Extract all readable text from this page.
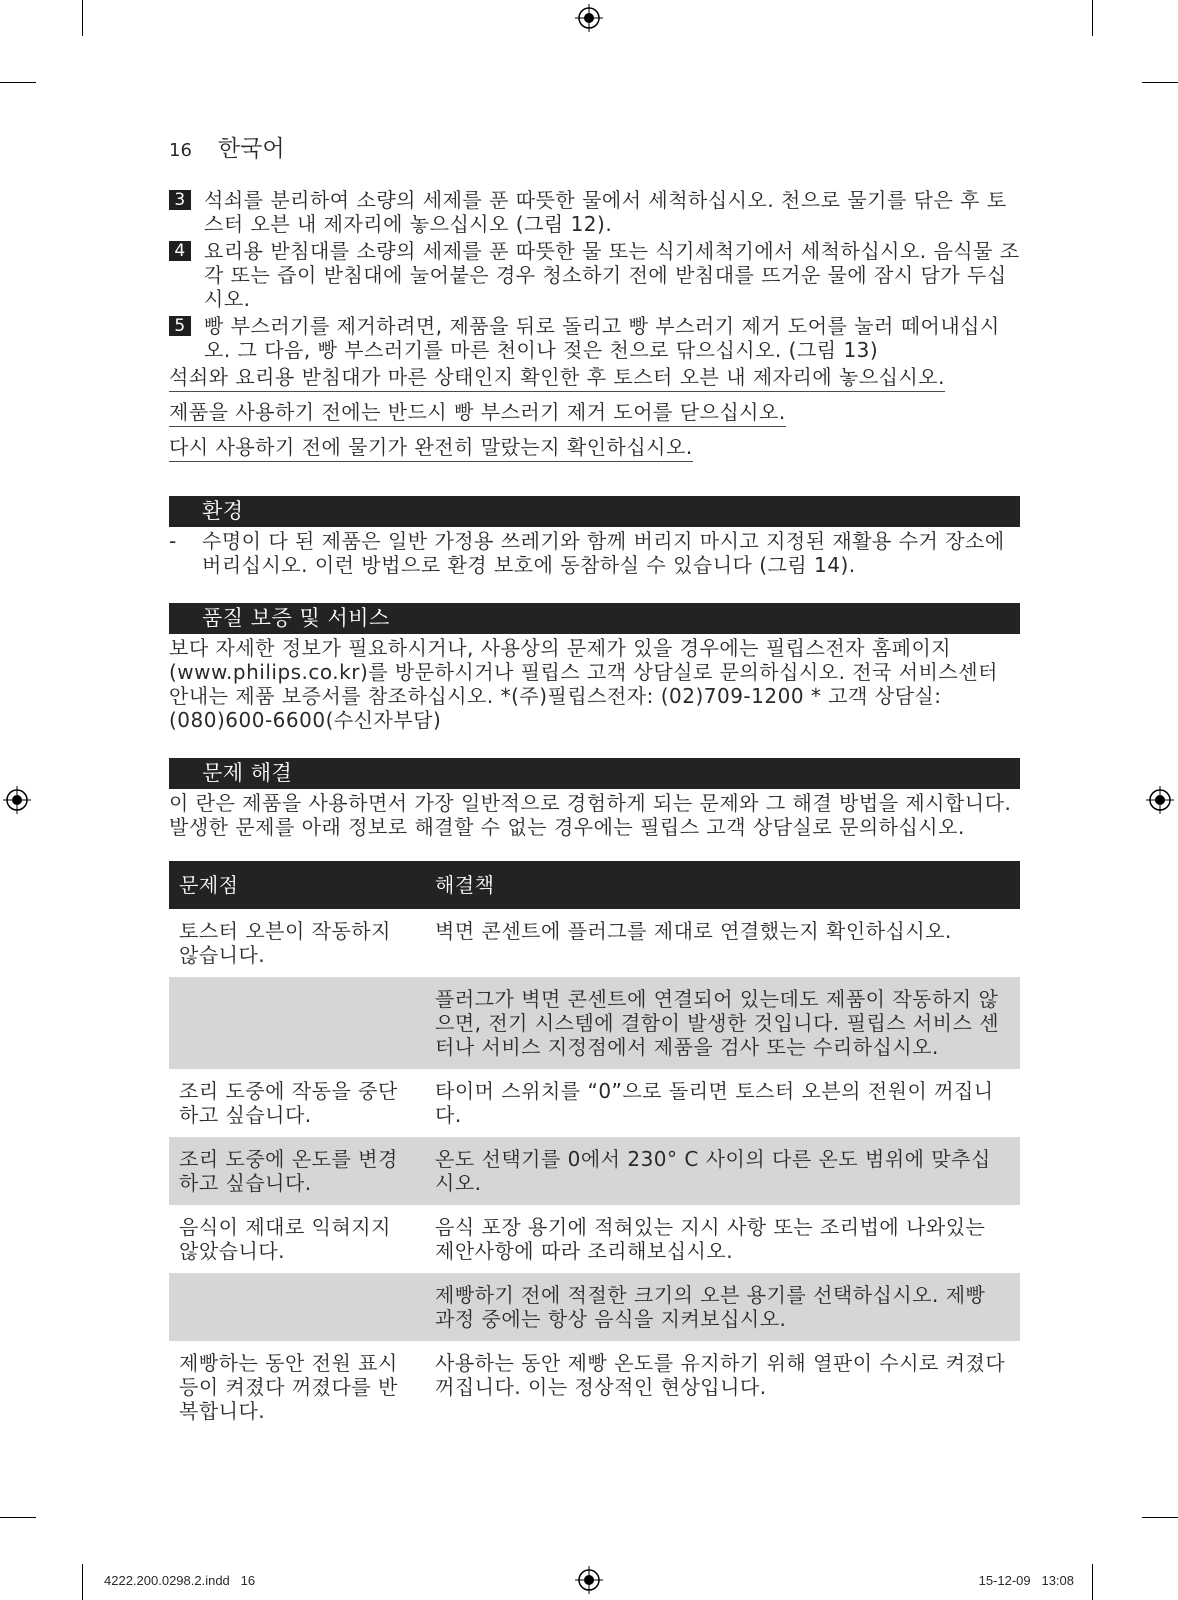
16 한국어
3 석쇠를 분리하여 소량의 세제를 푼 따뜻한 물에서 세척하십시오. 천으로 물기를 닦은 후 토스터 오븐 내 제자리에 놓으십시오 (그림 12).
4 요리용 받침대를 소량의 세제를 푼 따뜻한 물 또는 식기세척기에서 세척하십시오. 음식물 조각 또는 즙이 받침대에 눌어붙은 경우 청소하기 전에 받침대를 뜨거운 물에 잠시 담가 두십시오.
5 빵 부스러기를 제거하려면, 제품을 뒤로 돌리고 빵 부스러기 제거 도어를 눌러 떼어내십시오. 그 다음, 빵 부스러기를 마른 천이나 젖은 천으로 닦으십시오. (그림 13)
석쇠와 요리용 받침대가 마른 상태인지 확인한 후 토스터 오븐 내 제자리에 놓으십시오.
제품을 사용하기 전에는 반드시 빵 부스러기 제거 도어를 닫으십시오.
다시 사용하기 전에 물기가 완전히 말랐는지 확인하십시오.
환경
- 수명이 다 된 제품은 일반 가정용 쓰레기와 함께 버리지 마시고 지정된 재활용 수거 장소에 버리십시오. 이런 방법으로 환경 보호에 동참하실 수 있습니다 (그림 14).
품질 보증 및 서비스
보다 자세한 정보가 필요하시거나, 사용상의 문제가 있을 경우에는 필립스전자 홈페이지 (www.philips.co.kr)를 방문하시거나 필립스 고객 상담실로 문의하십시오. 전국 서비스센터 안내는 제품 보증서를 참조하십시오. *(주)필립스전자: (02)709-1200 * 고객 상담실: (080)600-6600(수신자부담)
문제 해결
이 란은 제품을 사용하면서 가장 일반적으로 경험하게 되는 문제와 그 해결 방법을 제시합니다. 발생한 문제를 아래 정보로 해결할 수 없는 경우에는 필립스 고객 상담실로 문의하십시오.
문제점	해결책
토스터 오븐이 작동하지 않습니다.	벽면 콘센트에 플러그를 제대로 연결했는지 확인하십시오.
	플러그가 벽면 콘센트에 연결되어 있는데도 제품이 작동하지 않으면, 전기 시스템에 결함이 발생한 것입니다. 필립스 서비스 센터나 서비스 지정점에서 제품을 검사 또는 수리하십시오.
조리 도중에 작동을 중단하고 싶습니다.	타이머 스위치를 “0”으로 돌리면 토스터 오븐의 전원이 꺼집니다.
조리 도중에 온도를 변경하고 싶습니다.	온도 선택기를 0에서 230° C 사이의 다른 온도 범위에 맞추십시오.
음식이 제대로 익혀지지 않았습니다.	음식 포장 용기에 적혀있는 지시 사항 또는 조리법에 나와있는 제안사항에 따라 조리해보십시오.
	제빵하기 전에 적절한 크기의 오븐 용기를 선택하십시오. 제빵 과정 중에는 항상 음식을 지켜보십시오.
제빵하는 동안 전원 표시등이 켜졌다 꺼졌다를 반복합니다.	사용하는 동안 제빵 온도를 유지하기 위해 열판이 수시로 켜졌다 꺼집니다. 이는 정상적인 현상입니다.
4222.200.0298.2.indd   16	15-12-09   13:08
